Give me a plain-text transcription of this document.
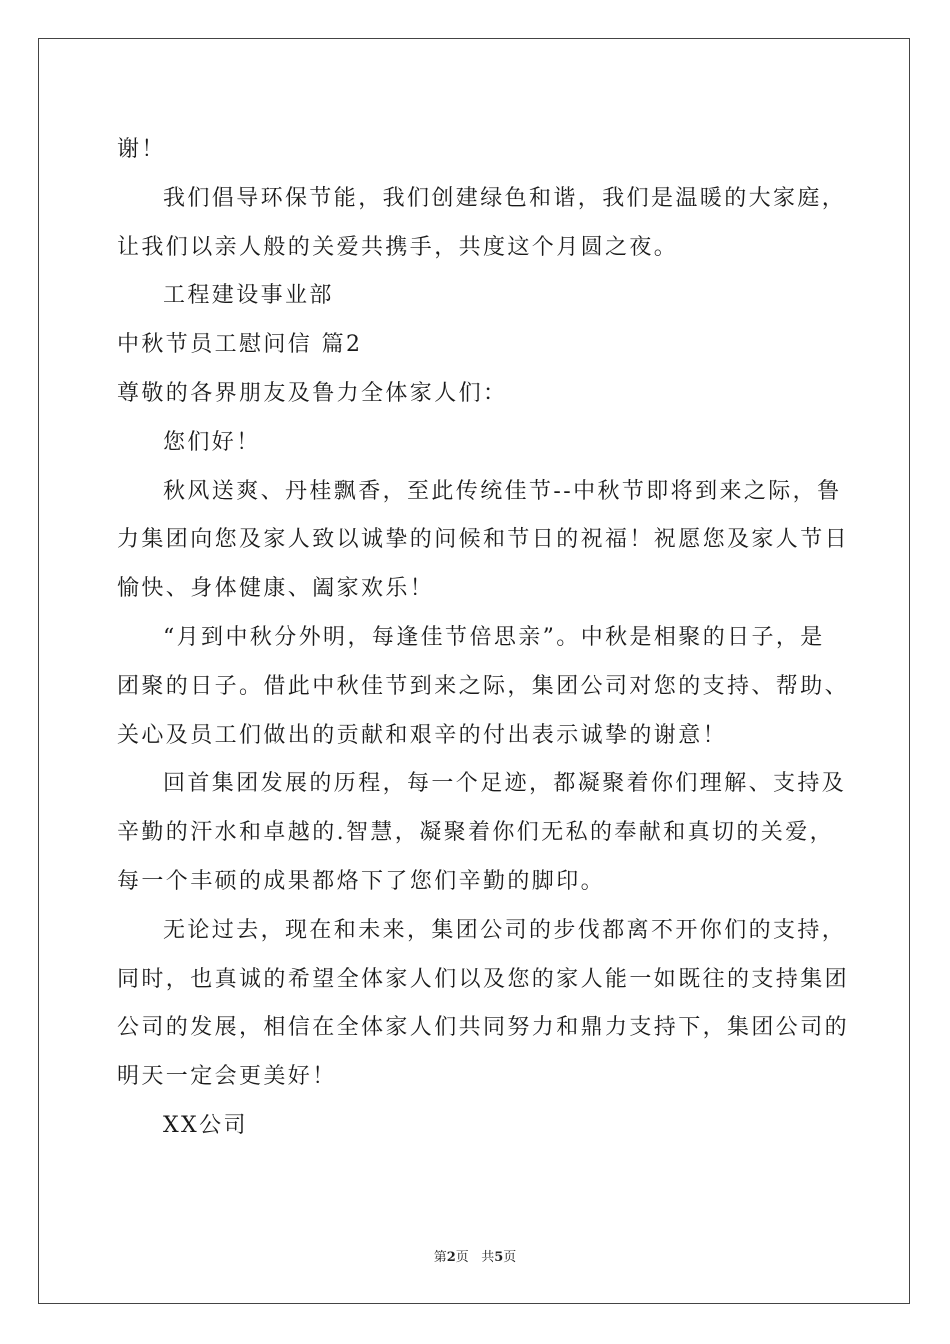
谢！
我们倡导环保节能，我们创建绿色和谐，我们是温暖的大家庭，
让我们以亲人般的关爱共携手，共度这个月圆之夜。
工程建设事业部
中秋节员工慰问信 篇2
尊敬的各界朋友及鲁力全体家人们：
您们好！
秋风送爽、丹桂飘香，至此传统佳节--中秋节即将到来之际，鲁
力集团向您及家人致以诚挚的问候和节日的祝福！祝愿您及家人节日
愉快、身体健康、阖家欢乐！
“月到中秋分外明，每逢佳节倍思亲”。中秋是相聚的日子，是
团聚的日子。借此中秋佳节到来之际，集团公司对您的支持、帮助、
关心及员工们做出的贡献和艰辛的付出表示诚挚的谢意！
回首集团发展的历程，每一个足迹，都凝聚着你们理解、支持及
辛勤的汗水和卓越的.智慧，凝聚着你们无私的奉献和真切的关爱，
每一个丰硕的成果都烙下了您们辛勤的脚印。
无论过去，现在和未来，集团公司的步伐都离不开你们的支持，
同时，也真诚的希望全体家人们以及您的家人能一如既往的支持集团
公司的发展，相信在全体家人们共同努力和鼎力支持下，集团公司的
明天一定会更美好！
XX公司
第2页 共5页
